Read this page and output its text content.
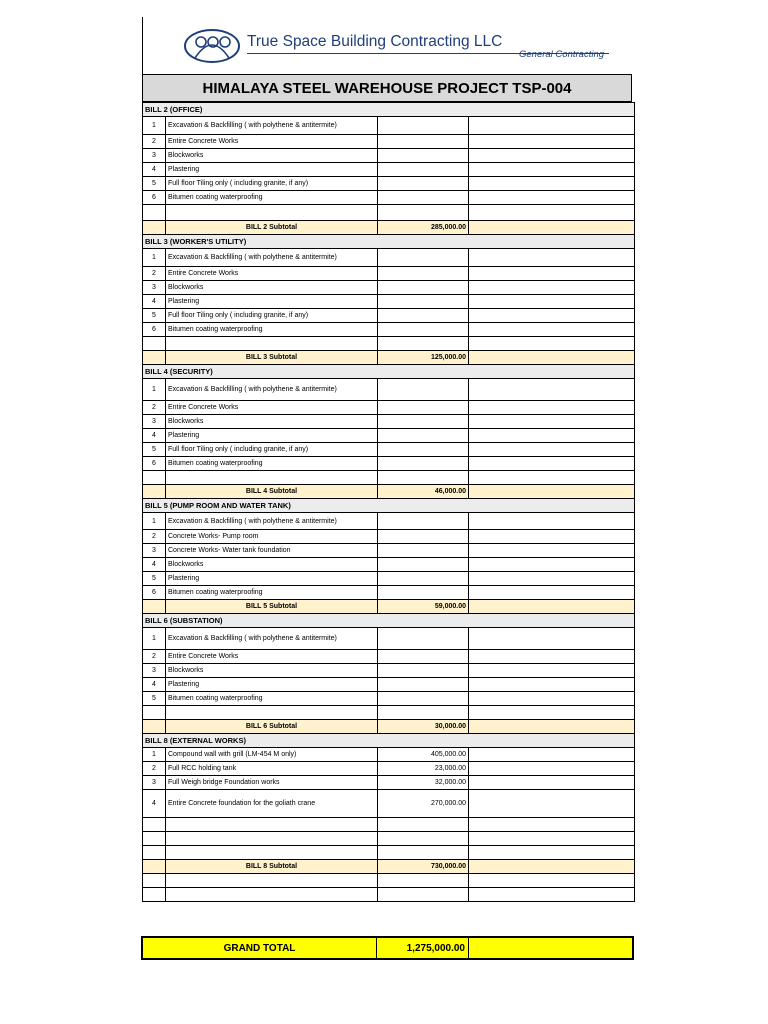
True Space Building Contracting LLC
General Contracting
HIMALAYA STEEL WAREHOUSE PROJECT TSP-004
BILL 2 (OFFICE)			
1	Excavation & Backfilling ( with polythene & antitermite)		
2	Entire Concrete Works		
3	Blockworks		
4	Plastering		
5	Full floor Tiling only ( including granite, if any)		
6	Bitumen coating waterproofing		

	BILL 2 Subtotal	285,000.00	
BILL 3 (WORKER'S UTILITY)			
1	Excavation & Backfilling ( with polythene & antitermite)		
2	Entire Concrete Works		
3	Blockworks		
4	Plastering		
5	Full floor Tiling only ( including granite, if any)		
6	Bitumen coating waterproofing		

	BILL 3 Subtotal	125,000.00	
BILL 4 (SECURITY)			
1	Excavation & Backfilling ( with polythene & antitermite)		
2	Entire Concrete Works		
3	Blockworks		
4	Plastering		
5	Full floor Tiling only ( including granite, if any)		
6	Bitumen coating waterproofing		

	BILL 4 Subtotal	46,000.00	
BILL 5 (PUMP ROOM AND WATER TANK)			
1	Excavation & Backfilling ( with polythene & antitermite)		
2	Concrete Works- Pump room		
3	Concrete Works- Water tank foundation		
4	Blockworks		
5	Plastering		
6	Bitumen coating waterproofing		
	BILL 5 Subtotal	59,000.00	
BILL 6 (SUBSTATION)			
1	Excavation & Backfilling ( with polythene & antitermite)		
2	Entire Concrete Works		
3	Blockworks		
4	Plastering		
5	Bitumen coating waterproofing		

	BILL 6 Subtotal	30,000.00	
BILL 8 (EXTERNAL WORKS)			
1	Compound wall with grill (LM-454 M only)	405,000.00	
2	Full RCC holding tank	23,000.00	
3	Full Weigh bridge Foundation works	32,000.00	
4	Entire Concrete foundation for the goliath crane	270,000.00	

	BILL 8 Subtotal	730,000.00	

GRAND TOTAL	1,275,000.00
